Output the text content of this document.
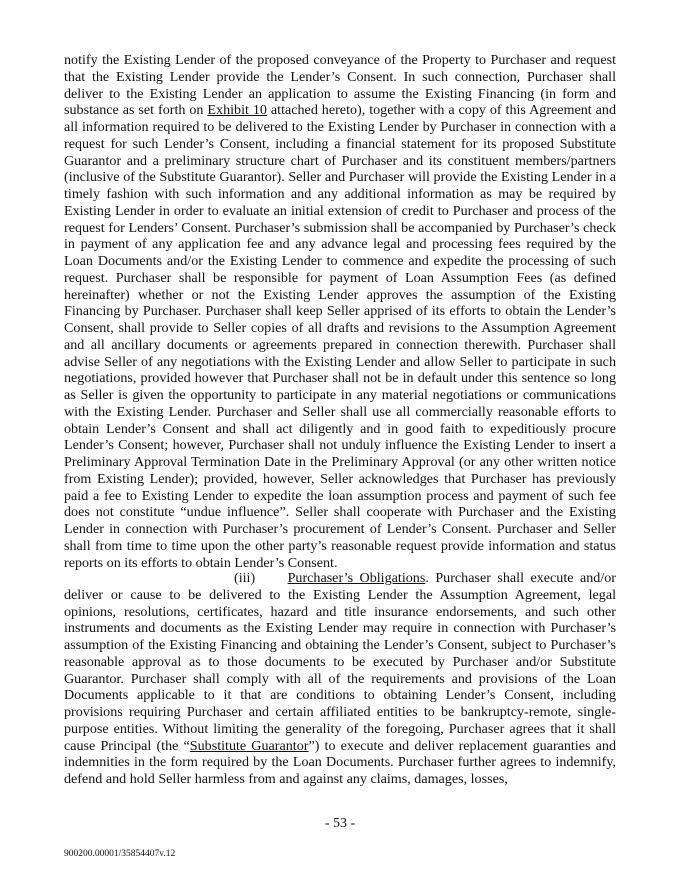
notify the Existing Lender of the proposed conveyance of the Property to Purchaser and request that the Existing Lender provide the Lender’s Consent. In such connection, Purchaser shall deliver to the Existing Lender an application to assume the Existing Financing (in form and substance as set forth on Exhibit 10 attached hereto), together with a copy of this Agreement and all information required to be delivered to the Existing Lender by Purchaser in connection with a request for such Lender’s Consent, including a financial statement for its proposed Substitute Guarantor and a preliminary structure chart of Purchaser and its constituent members/partners (inclusive of the Substitute Guarantor). Seller and Purchaser will provide the Existing Lender in a timely fashion with such information and any additional information as may be required by Existing Lender in order to evaluate an initial extension of credit to Purchaser and process of the request for Lenders’ Consent. Purchaser’s submission shall be accompanied by Purchaser’s check in payment of any application fee and any advance legal and processing fees required by the Loan Documents and/or the Existing Lender to commence and expedite the processing of such request. Purchaser shall be responsible for payment of Loan Assumption Fees (as defined hereinafter) whether or not the Existing Lender approves the assumption of the Existing Financing by Purchaser. Purchaser shall keep Seller apprised of its efforts to obtain the Lender’s Consent, shall provide to Seller copies of all drafts and revisions to the Assumption Agreement and all ancillary documents or agreements prepared in connection therewith. Purchaser shall advise Seller of any negotiations with the Existing Lender and allow Seller to participate in such negotiations, provided however that Purchaser shall not be in default under this sentence so long as Seller is given the opportunity to participate in any material negotiations or communications with the Existing Lender. Purchaser and Seller shall use all commercially reasonable efforts to obtain Lender’s Consent and shall act diligently and in good faith to expeditiously procure Lender’s Consent; however, Purchaser shall not unduly influence the Existing Lender to insert a Preliminary Approval Termination Date in the Preliminary Approval (or any other written notice from Existing Lender); provided, however, Seller acknowledges that Purchaser has previously paid a fee to Existing Lender to expedite the loan assumption process and payment of such fee does not constitute “undue influence”. Seller shall cooperate with Purchaser and the Existing Lender in connection with Purchaser’s procurement of Lender’s Consent. Purchaser and Seller shall from time to time upon the other party’s reasonable request provide information and status reports on its efforts to obtain Lender’s Consent.

(iii) Purchaser’s Obligations. Purchaser shall execute and/or deliver or cause to be delivered to the Existing Lender the Assumption Agreement, legal opinions, resolutions, certificates, hazard and title insurance endorsements, and such other instruments and documents as the Existing Lender may require in connection with Purchaser’s assumption of the Existing Financing and obtaining the Lender’s Consent, subject to Purchaser’s reasonable approval as to those documents to be executed by Purchaser and/or Substitute Guarantor. Purchaser shall comply with all of the requirements and provisions of the Loan Documents applicable to it that are conditions to obtaining Lender’s Consent, including provisions requiring Purchaser and certain affiliated entities to be bankruptcy-remote, single-purpose entities. Without limiting the generality of the foregoing, Purchaser agrees that it shall cause Principal (the “Substitute Guarantor”) to execute and deliver replacement guaranties and indemnities in the form required by the Loan Documents. Purchaser further agrees to indemnify, defend and hold Seller harmless from and against any claims, damages, losses,

- 53 -
900200.00001/35854407v.12
